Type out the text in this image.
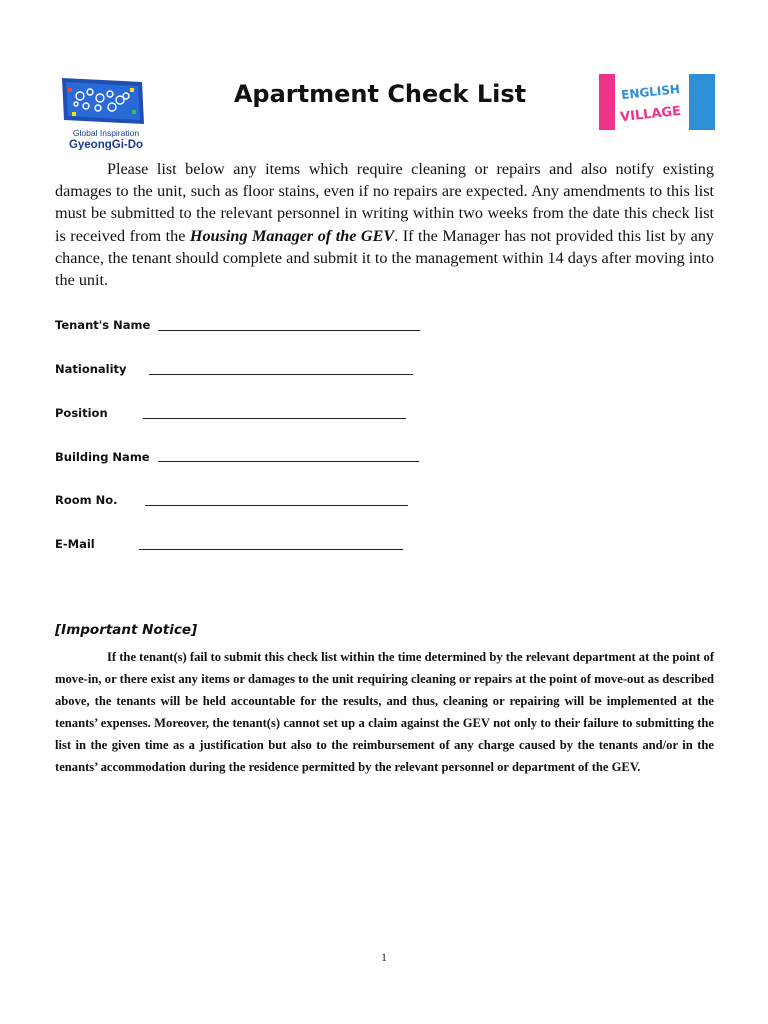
Global Inspiration
GyeongGi-Do
Apartment Check List	ENGLISH
VILLAGE
Please list below any items which require cleaning or repairs and also notify existing damages to the unit, such as floor stains, even if no repairs are expected. Any amendments to this list must be submitted to the relevant personnel in writing within two weeks from the date this check list is received from the Housing Manager of the GEV. If the Manager has not provided this list by any chance, the tenant should complete and submit it to the management within 14 days after moving into the unit.
Tenant's Name
Nationality
Position
Building Name
Room No.
E-Mail
[Important Notice]
If the tenant(s) fail to submit this check list within the time determined by the relevant department at the point of move-in, or there exist any items or damages to the unit requiring cleaning or repairs at the point of move-out as described above, the tenants will be held accountable for the results, and thus, cleaning or repairing will be implemented at the tenants’ expenses. Moreover, the tenant(s) cannot set up a claim against the GEV not only to their failure to submitting the list in the given time as a justification but also to the reimbursement of any charge caused by the tenants and/or in the tenants’ accommodation during the residence permitted by the relevant personnel or department of the GEV.
1
